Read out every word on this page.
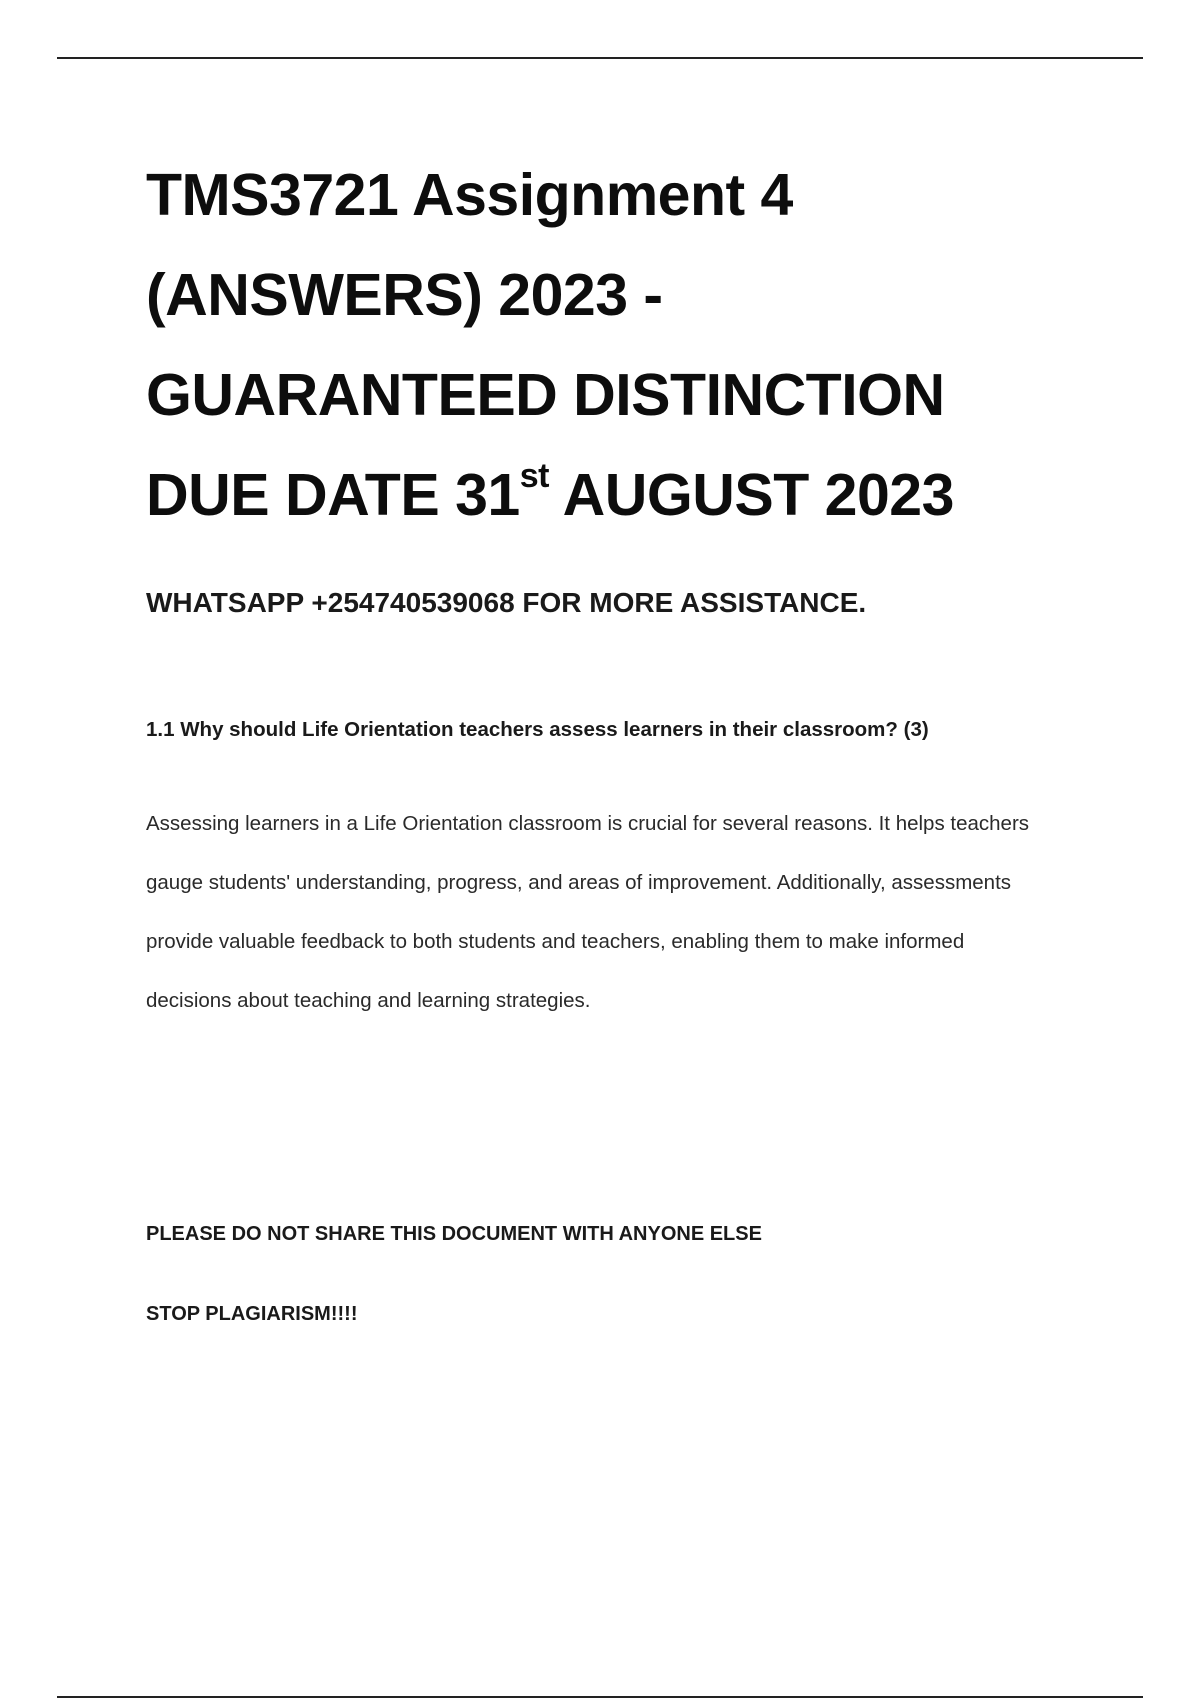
TMS3721 Assignment 4
(ANSWERS) 2023 -
GUARANTEED DISTINCTION
DUE DATE 31st AUGUST 2023
WHATSAPP +254740539068 FOR MORE ASSISTANCE.
1.1 Why should Life Orientation teachers assess learners in their classroom? (3)

Assessing learners in a Life Orientation classroom is crucial for several reasons. It helps teachers

gauge students' understanding, progress, and areas of improvement. Additionally, assessments

provide valuable feedback to both students and teachers, enabling them to make informed

decisions about teaching and learning strategies.

PLEASE DO NOT SHARE THIS DOCUMENT WITH ANYONE ELSE
STOP PLAGIARISM!!!!
